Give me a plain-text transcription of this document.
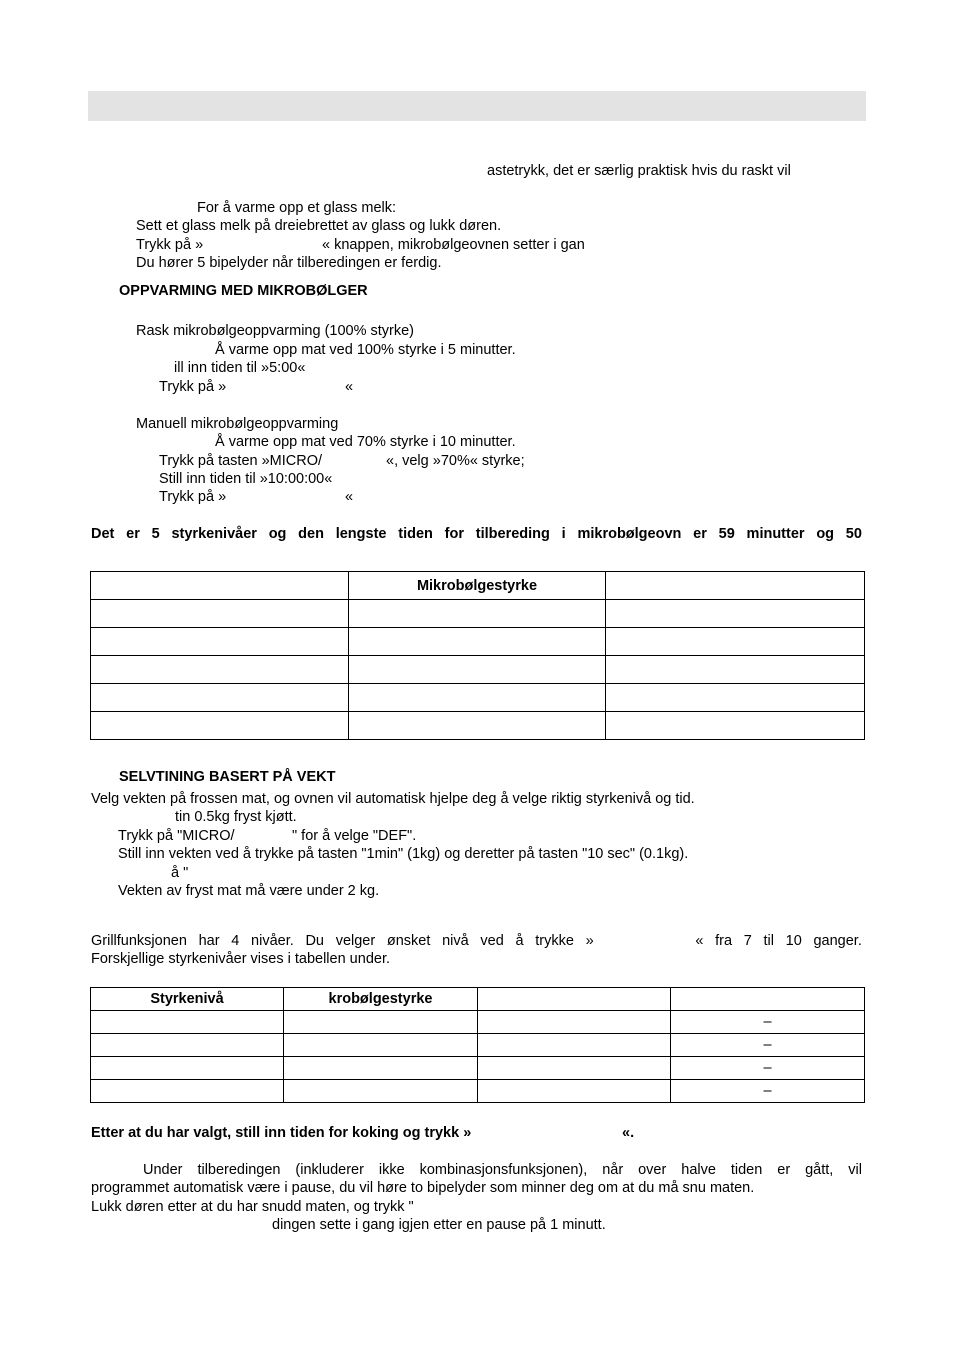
astetrykk, det er særlig praktisk hvis du raskt vil
For å varme opp et glass melk:
Sett et glass melk på dreiebrettet av glass og lukk døren.
Trykk på »	« knappen, mikrobølgeovnen setter i gan
Du hører 5 bipelyder når tilberedingen er ferdig.
OPPVARMING MED MIKROBØLGER
Rask mikrobølgeoppvarming (100% styrke)
Å varme opp mat ved 100% styrke i 5 minutter.
ill inn tiden til »5:00«
Trykk på »	«
Manuell mikrobølgeoppvarming
Å varme opp mat ved 70% styrke i 10 minutter.
Trykk på tasten »MICRO/	«, velg »70%« styrke;
Still inn tiden til »10:00:00«
Trykk på »	«
Det er 5 styrkenivåer og den lengste tiden for tilbereding i mikrobølgeovn er 59 minutter og 50
	Mikrobølgestyrke	

SELVTINING BASERT PÅ VEKT
Velg vekten på frossen mat, og ovnen vil automatisk hjelpe deg å velge riktig styrkenivå og tid.
tin 0.5kg fryst kjøtt.
Trykk på "MICRO/	" for å velge "DEF".
Still inn vekten ved å trykke på tasten "1min" (1kg) og deretter på tasten "10 sec" (0.1kg).
å "
Vekten av fryst mat må være under 2 kg.
Grillfunksjonen har 4 nivåer. Du velger ønsket nivå ved å trykke »	« fra 7 til 10 ganger.
Forskjellige styrkenivåer vises i tabellen under.
Styrkenivå	krobølgestyrke		
			–
			–
			–
			–
Etter at du har valgt, still inn tiden for koking og trykk »	«.
Under tilberedingen (inkluderer ikke kombinasjonsfunksjonen), når over halve tiden er gått, vil
programmet automatisk være i pause, du vil høre to bipelyder som minner deg om at du må snu maten.
Lukk døren etter at du har snudd maten, og trykk "
dingen sette i gang igjen etter en pause på 1 minutt.
